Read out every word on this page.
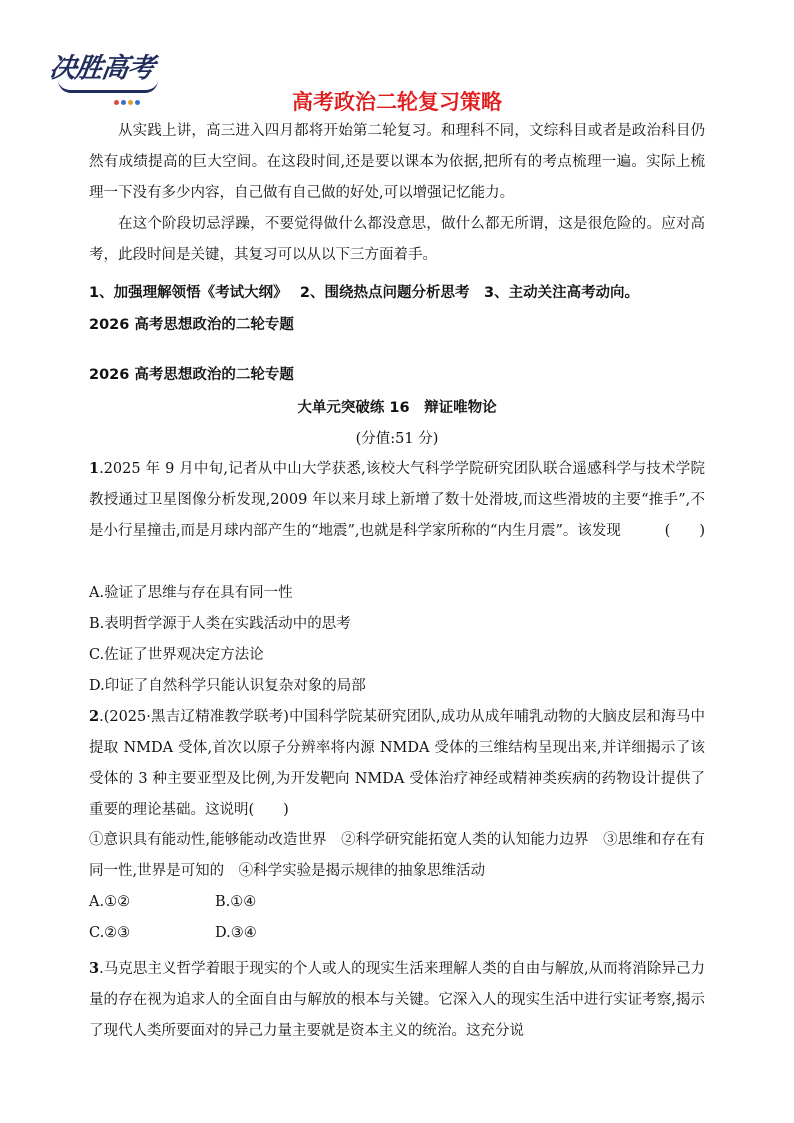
决胜高考
高考政治二轮复习策略

从实践上讲，高三进入四月都将开始第二轮复习。和理科不同，文综科目或者是政治科目仍然有成绩提高的巨大空间。在这段时间,还是要以课本为依据,把所有的考点梳理一遍。实际上梳理一下没有多少内容，自己做有自己做的好处,可以增强记忆能力。

在这个阶段切忌浮躁，不要觉得做什么都没意思，做什么都无所谓，这是很危险的。应对高考，此段时间是关键，其复习可以从以下三方面着手。

1、加强理解领悟《考试大纲》　 2、围绕热点问题分析思考　3、主动关注高考动向。
2026 高考思想政治的二轮专题
2026 高考思想政治的二轮专题
大单元突破练 16　辩证唯物论
(分值:51 分)

1.2025 年 9 月中旬,记者从中山大学获悉,该校大气科学学院研究团队联合遥感科学与技术学院教授通过卫星图像分析发现,2009 年以来月球上新增了数十处滑坡,而这些滑坡的主要“推手”,不是小行星撞击,而是月球内部产生的“地震”,也就是科学家所称的“内生月震”。该发现	(　　)

A.验证了思维与存在具有同一性
B.表明哲学源于人类在实践活动中的思考
C.佐证了世界观决定方法论
D.印证了自然科学只能认识复杂对象的局部

2.(2025·黑吉辽精准教学联考)中国科学院某研究团队,成功从成年哺乳动物的大脑皮层和海马中提取 NMDA 受体,首次以原子分辨率将内源 NMDA 受体的三维结构呈现出来,并详细揭示了该受体的 3 种主要亚型及比例,为开发靶向 NMDA 受体治疗神经或精神类疾病的药物设计提供了重要的理论基础。这说明(　　)

①意识具有能动性,能够能动改造世界　②科学研究能拓宽人类的认知能力边界　③思维和存在有同一性,世界是可知的　④科学实验是揭示规律的抽象思维活动

A.①②	B.①④
C.②③	D.③④

3.马克思主义哲学着眼于现实的个人或人的现实生活来理解人类的自由与解放,从而将消除异己力量的存在视为追求人的全面自由与解放的根本与关键。它深入人的现实生活中进行实证考察,揭示了现代人类所要面对的异己力量主要就是资本主义的统治。这充分说
